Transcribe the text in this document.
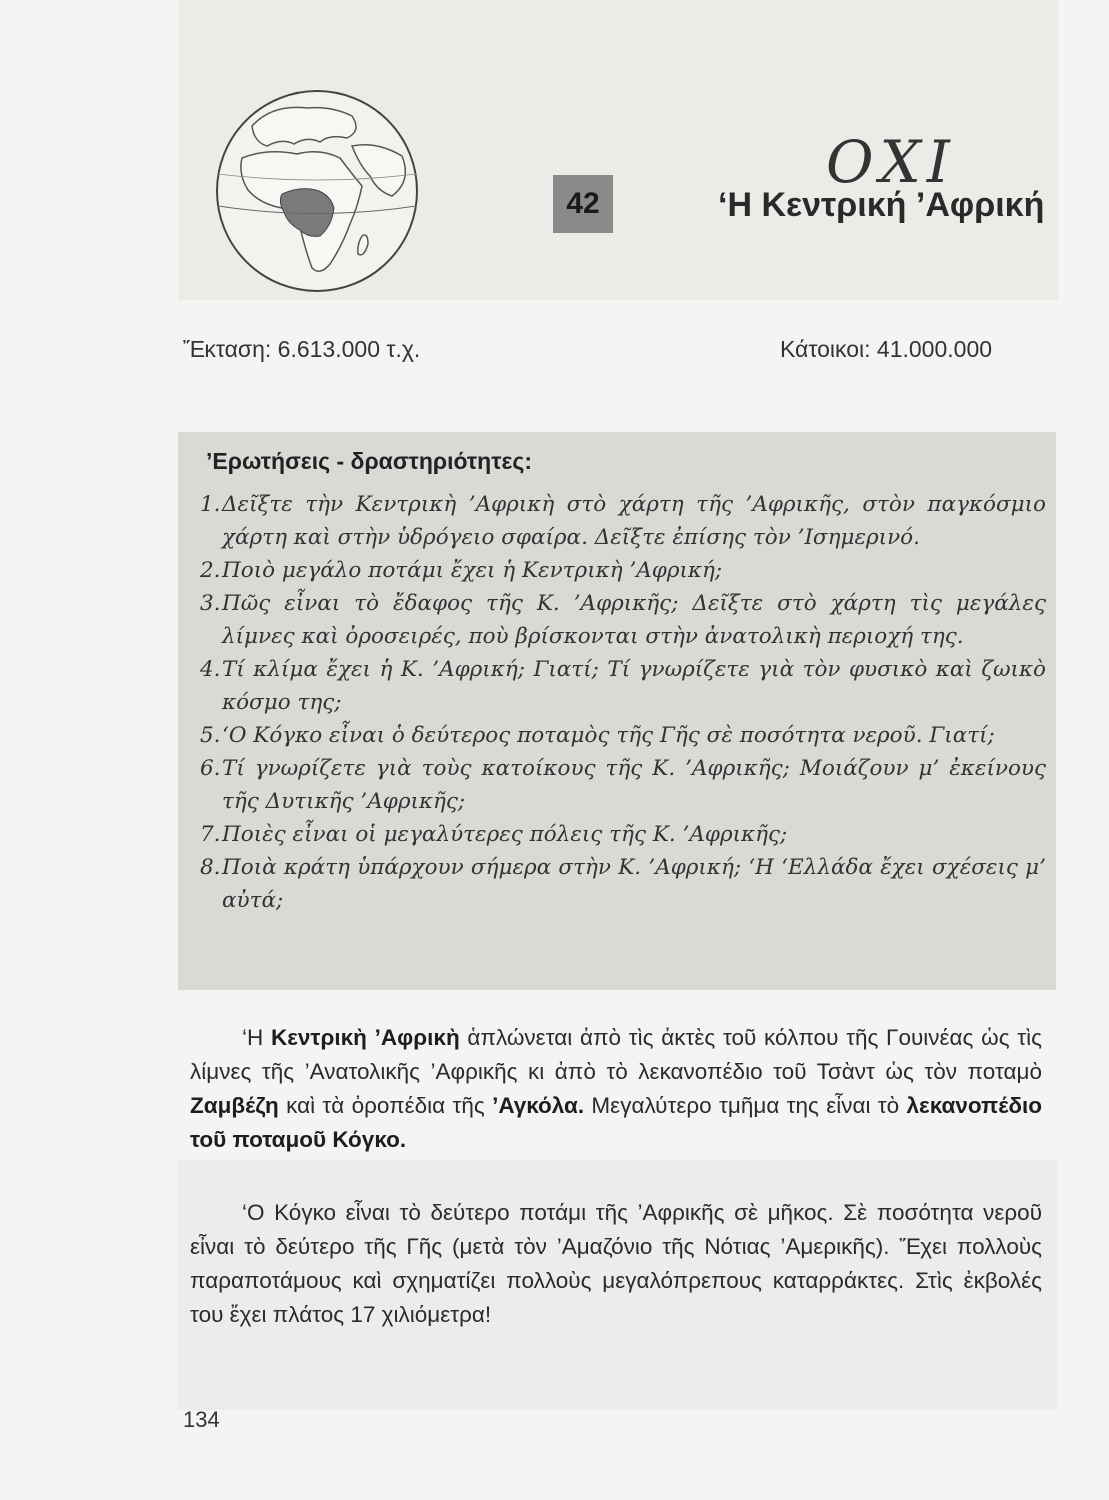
ΟΧΙ
42	‘Η Κεντρική ’Αφρική
Ἔκταση: 6.613.000 τ.χ.	Κάτοικοι: 41.000.000
’Ερωτήσεις - δραστηριότητες:
1. Δεῖξτε τὴν Κεντρικὴ ’Αφρικὴ στὸ χάρτη τῆς ’Αφρικῆς, στὸν παγκόσμιο χάρτη καὶ στὴν ὑδρόγειο σφαίρα. Δεῖξτε ἐπίσης τὸν ’Ισημερινό.
2. Ποιὸ μεγάλο ποτάμι ἔχει ἡ Κεντρικὴ ’Αφρική;
3. Πῶς εἶναι τὸ ἔδαφος τῆς Κ. ’Αφρικῆς; Δεῖξτε στὸ χάρτη τὶς μεγάλες λίμνες καὶ ὀροσειρές, ποὺ βρίσκονται στὴν ἀνατολικὴ περιοχή της.
4. Τί κλίμα ἔχει ἡ Κ. ’Αφρική; Γιατί; Τί γνωρίζετε γιὰ τὸν φυσικὸ καὶ ζωικὸ κόσμο της;
5. ‘Ο Κόγκο εἶναι ὁ δεύτερος ποταμὸς τῆς Γῆς σὲ ποσότητα νεροῦ. Γιατί;
6. Τί γνωρίζετε γιὰ τοὺς κατοίκους τῆς Κ. ’Αφρικῆς; Μοιάζουν μ’ ἐκείνους τῆς Δυτικῆς ’Αφρικῆς;
7. Ποιὲς εἶναι οἱ μεγαλύτερες πόλεις τῆς Κ. ’Αφρικῆς;
8. Ποιὰ κράτη ὑπάρχουν σήμερα στὴν Κ. ’Αφρική; ‘Η ‘Ελλάδα ἔχει σχέσεις μ’ αὐτά;

‘Η Κεντρικὴ ’Αφρικὴ ἁπλώνεται ἀπὸ τὶς ἀκτὲς τοῦ κόλπου τῆς Γουινέας ὡς τὶς λίμνες τῆς ’Ανατολικῆς ’Αφρικῆς κι ἀπὸ τὸ λεκανοπέδιο τοῦ Τσὰντ ὡς τὸν ποταμὸ Ζαμβέζη καὶ τὰ ὀροπέδια τῆς ’Αγκόλα. Μεγαλύτερο τμῆμα της εἶναι τὸ λεκανοπέδιο τοῦ ποταμοῦ Κόγκο.

‘Ο Κόγκο εἶναι τὸ δεύτερο ποτάμι τῆς ’Αφρικῆς σὲ μῆκος. Σὲ ποσότητα νεροῦ εἶναι τὸ δεύτερο τῆς Γῆς (μετὰ τὸν ’Αμαζόνιο τῆς Νότιας ’Αμερικῆς). Ἔχει πολλοὺς παραποτάμους καὶ σχηματίζει πολλοὺς μεγαλόπρεπους καταρράκτες. Στὶς ἐκβολές του ἔχει πλάτος 17 χιλιόμετρα!

134
